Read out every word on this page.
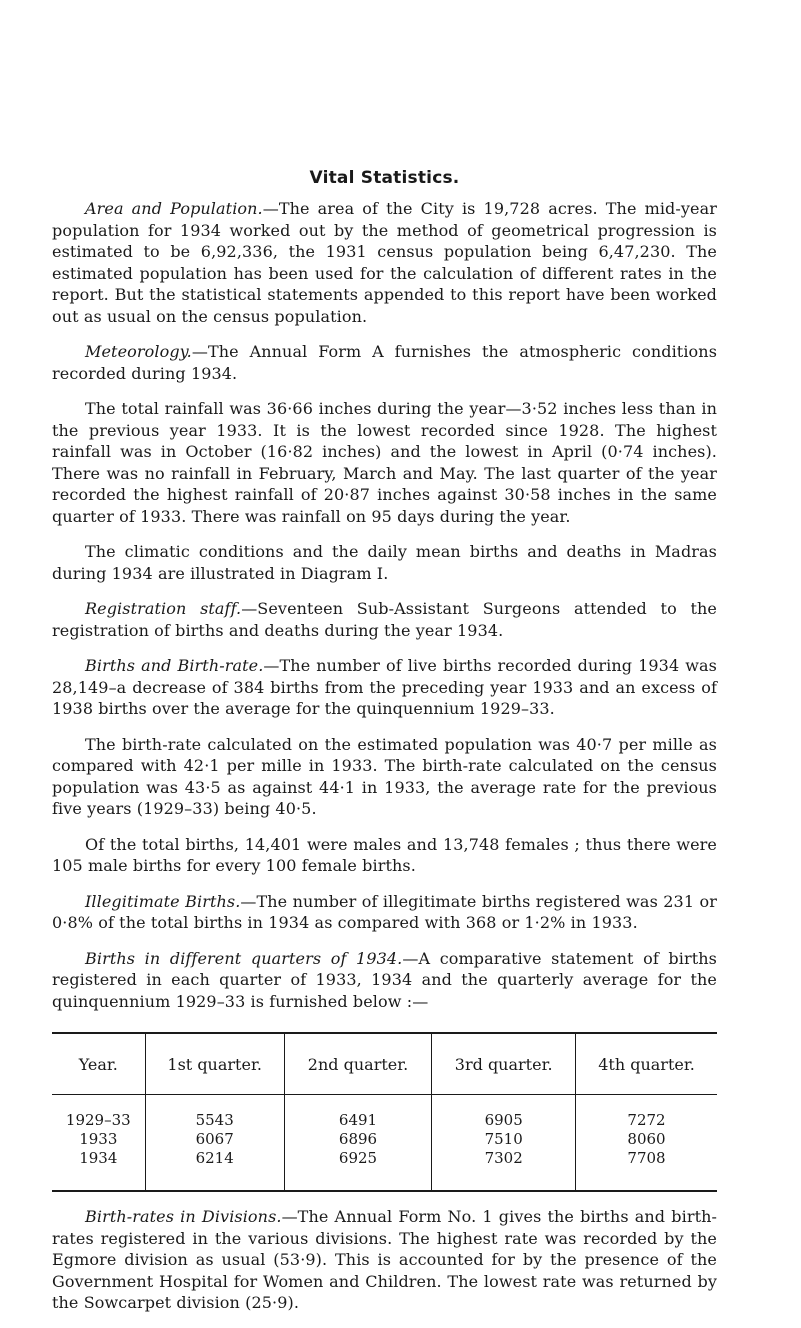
Vital Statistics.

Area and Population.—The area of the City is 19,728 acres. The mid-year population for 1934 worked out by the method of geometrical progression is estimated to be 6,92,336, the 1931 census population being 6,47,230. The estimated population has been used for the calculation of different rates in the report. But the statistical statements appended to this report have been worked out as usual on the census population.

Meteorology.—The Annual Form A furnishes the atmospheric conditions recorded during 1934.

The total rainfall was 36·66 inches during the year—3·52 inches less than in the previous year 1933. It is the lowest recorded since 1928. The highest rainfall was in October (16·82 inches) and the lowest in April (0·74 inches). There was no rainfall in February, March and May. The last quarter of the year recorded the highest rainfall of 20·87 inches against 30·58 inches in the same quarter of 1933. There was rainfall on 95 days during the year.

The climatic conditions and the daily mean births and deaths in Madras during 1934 are illustrated in Diagram I.

Registration staff.—Seventeen Sub-Assistant Surgeons attended to the registration of births and deaths during the year 1934.

Births and Birth-rate.—The number of live births recorded during 1934 was 28,149–a decrease of 384 births from the preceding year 1933 and an excess of 1938 births over the average for the quinquennium 1929–33.

The birth-rate calculated on the estimated population was 40·7 per mille as compared with 42·1 per mille in 1933. The birth-rate calculated on the census population was 43·5 as against 44·1 in 1933, the average rate for the previous five years (1929–33) being 40·5.

Of the total births, 14,401 were males and 13,748 females ; thus there were 105 male births for every 100 female births.

Illegitimate Births.—The number of illegitimate births registered was 231 or 0·8% of the total births in 1934 as compared with 368 or 1·2% in 1933.

Births in different quarters of 1934.—A comparative statement of births registered in each quarter of 1933, 1934 and the quarterly average for the quinquennium 1929–33 is furnished below :—

Year.	1st quarter.	2nd quarter.	3rd quarter.	4th quarter.
1929–33	5543	6491	6905	7272
1933	6067	6896	7510	8060
1934	6214	6925	7302	7708

Birth-rates in Divisions.—The Annual Form No. 1 gives the births and birth-rates registered in the various divisions. The highest rate was recorded by the Egmore division as usual (53·9). This is accounted for by the presence of the Government Hospital for Women and Children. The lowest rate was returned by the Sowcarpet division (25·9).
